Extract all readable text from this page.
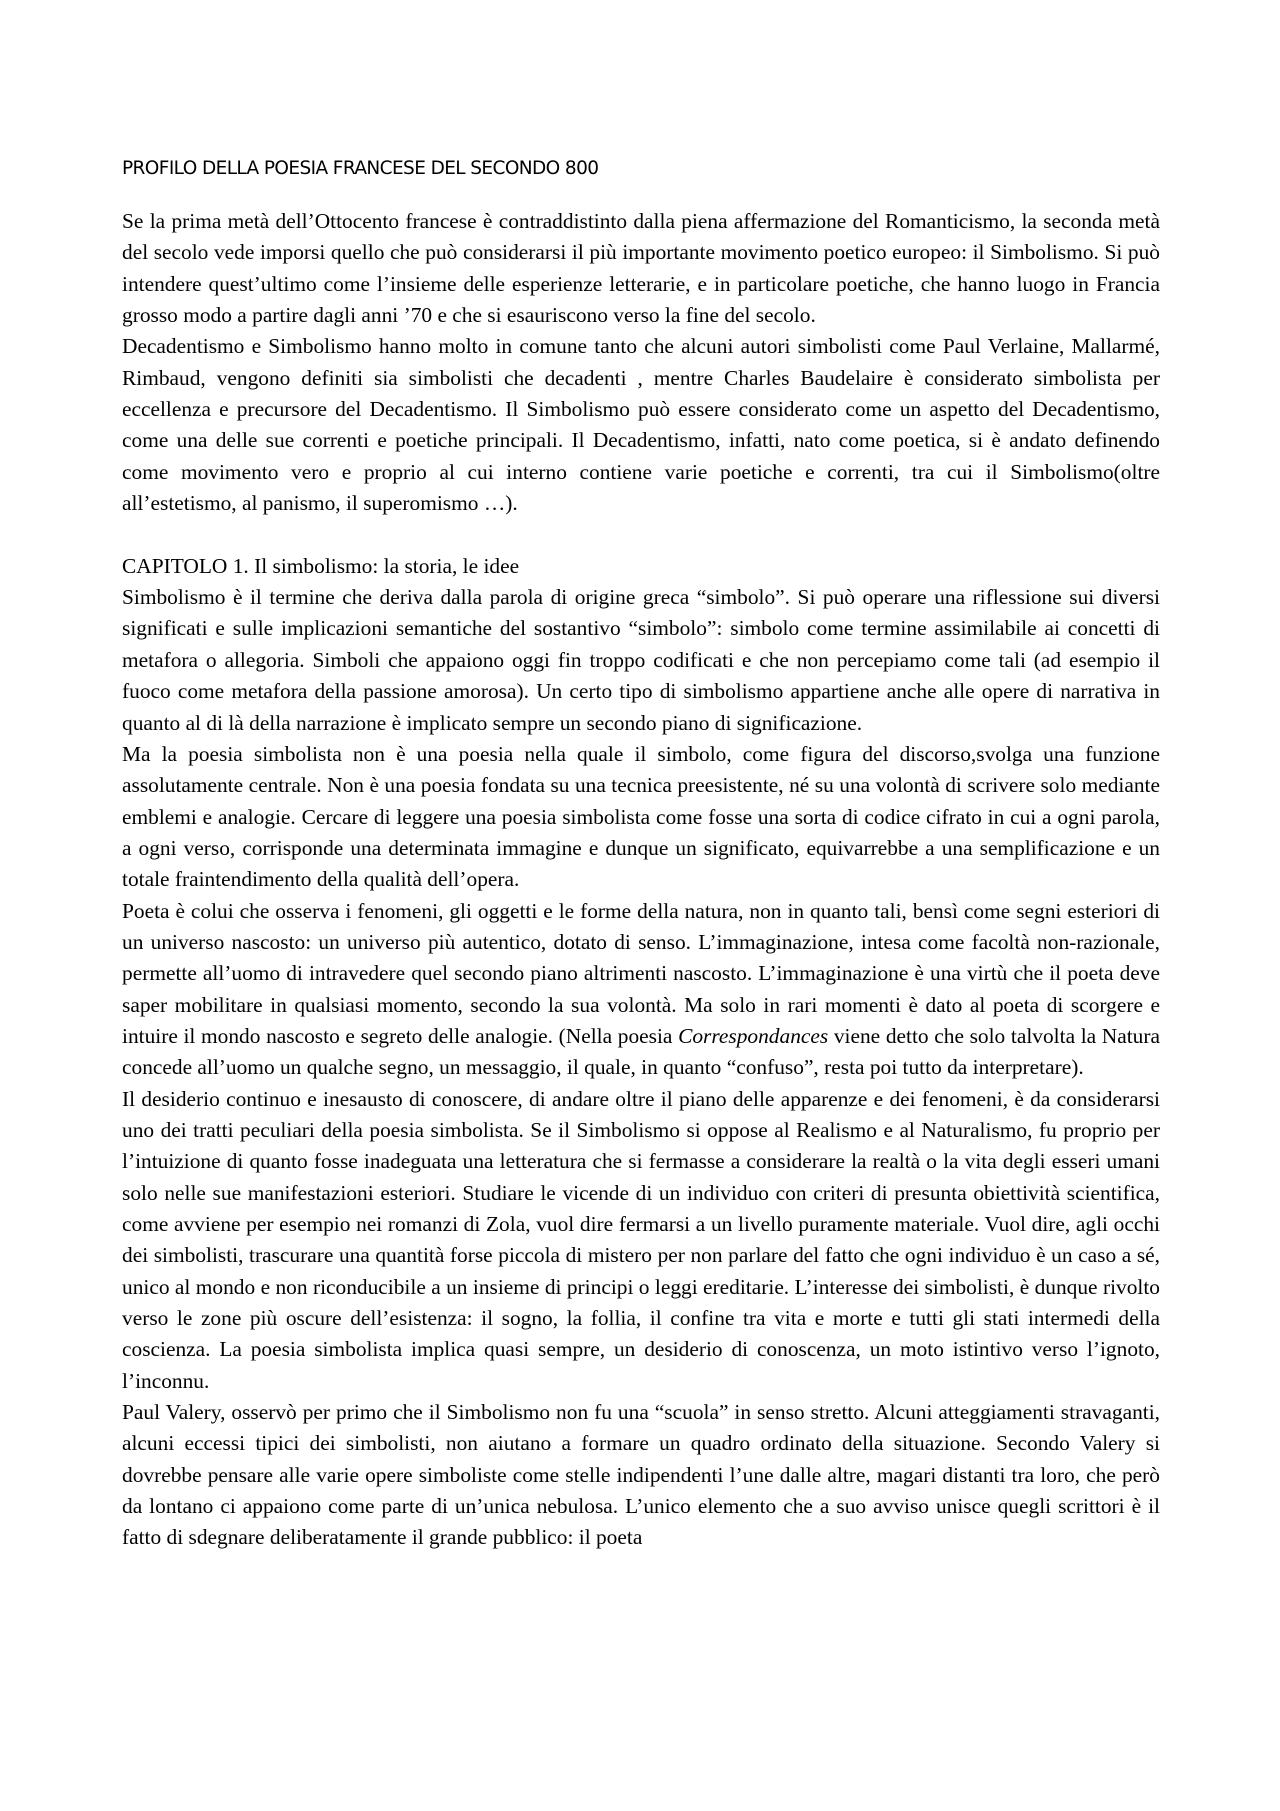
PROFILO DELLA POESIA FRANCESE DEL SECONDO 800

Se la prima metà dell’Ottocento francese è contraddistinto dalla piena affermazione del Romanticismo, la seconda metà del secolo vede imporsi quello che può considerarsi il più importante movimento poetico europeo: il Simbolismo. Si può intendere quest’ultimo come l’insieme delle esperienze letterarie, e in particolare poetiche, che hanno luogo in Francia grosso modo a partire dagli anni ’70 e che si esauriscono verso la fine del secolo.

Decadentismo e Simbolismo hanno molto in comune tanto che alcuni autori simbolisti come Paul Verlaine, Mallarmé, Rimbaud, vengono definiti sia simbolisti che decadenti , mentre Charles Baudelaire è considerato simbolista per eccellenza e precursore del Decadentismo. Il Simbolismo può essere considerato come un aspetto del Decadentismo, come una delle sue correnti e poetiche principali. Il Decadentismo, infatti, nato come poetica, si è andato definendo come movimento vero e proprio al cui interno contiene varie poetiche e correnti, tra cui il Simbolismo(oltre all’estetismo, al panismo, il superomismo …).

CAPITOLO 1. Il simbolismo: la storia, le idee

Simbolismo è il termine che deriva dalla parola di origine greca “simbolo”. Si può operare una riflessione sui diversi significati e sulle implicazioni semantiche del sostantivo “simbolo”: simbolo come termine assimilabile ai concetti di metafora o allegoria. Simboli che appaiono oggi fin troppo codificati e che non percepiamo come tali (ad esempio il fuoco come metafora della passione amorosa). Un certo tipo di simbolismo appartiene anche alle opere di narrativa in quanto al di là della narrazione è implicato sempre un secondo piano di significazione.

Ma la poesia simbolista non è una poesia nella quale il simbolo, come figura del discorso,svolga una funzione assolutamente centrale. Non è una poesia fondata su una tecnica preesistente, né su una volontà di scrivere solo mediante emblemi e analogie. Cercare di leggere una poesia simbolista come fosse una sorta di codice cifrato in cui a ogni parola, a ogni verso, corrisponde una determinata immagine e dunque un significato, equivarrebbe a una semplificazione e un totale fraintendimento della qualità dell’opera.

Poeta è colui che osserva i fenomeni, gli oggetti e le forme della natura, non in quanto tali, bensì come segni esteriori di un universo nascosto: un universo più autentico, dotato di senso. L’immaginazione, intesa come facoltà non-razionale, permette all’uomo di intravedere quel secondo piano altrimenti nascosto. L’immaginazione è una virtù che il poeta deve saper mobilitare in qualsiasi momento, secondo la sua volontà. Ma solo in rari momenti è dato al poeta di scorgere e intuire il mondo nascosto e segreto delle analogie. (Nella poesia Correspondances viene detto che solo talvolta la Natura concede all’uomo un qualche segno, un messaggio, il quale, in quanto “confuso”, resta poi tutto da interpretare).

Il desiderio continuo e inesausto di conoscere, di andare oltre il piano delle apparenze e dei fenomeni, è da considerarsi uno dei tratti peculiari della poesia simbolista. Se il Simbolismo si oppose al Realismo e al Naturalismo, fu proprio per l’intuizione di quanto fosse inadeguata una letteratura che si fermasse a considerare la realtà o la vita degli esseri umani solo nelle sue manifestazioni esteriori. Studiare le vicende di un individuo con criteri di presunta obiettività scientifica, come avviene per esempio nei romanzi di Zola, vuol dire fermarsi a un livello puramente materiale. Vuol dire, agli occhi dei simbolisti, trascurare una quantità forse piccola di mistero per non parlare del fatto che ogni individuo è un caso a sé, unico al mondo e non riconducibile a un insieme di principi o leggi ereditarie. L’interesse dei simbolisti, è dunque rivolto verso le zone più oscure dell’esistenza: il sogno, la follia, il confine tra vita e morte e tutti gli stati intermedi della coscienza. La poesia simbolista implica quasi sempre, un desiderio di conoscenza, un moto istintivo verso l’ignoto, l’inconnu.

Paul Valery, osservò per primo che il Simbolismo non fu una “scuola” in senso stretto. Alcuni atteggiamenti stravaganti, alcuni eccessi tipici dei simbolisti, non aiutano a formare un quadro ordinato della situazione. Secondo Valery si dovrebbe pensare alle varie opere simboliste come stelle indipendenti l’une dalle altre, magari distanti tra loro, che però da lontano ci appaiono come parte di un’unica nebulosa. L’unico elemento che a suo avviso unisce quegli scrittori è il fatto di sdegnare deliberatamente il grande pubblico: il poeta
